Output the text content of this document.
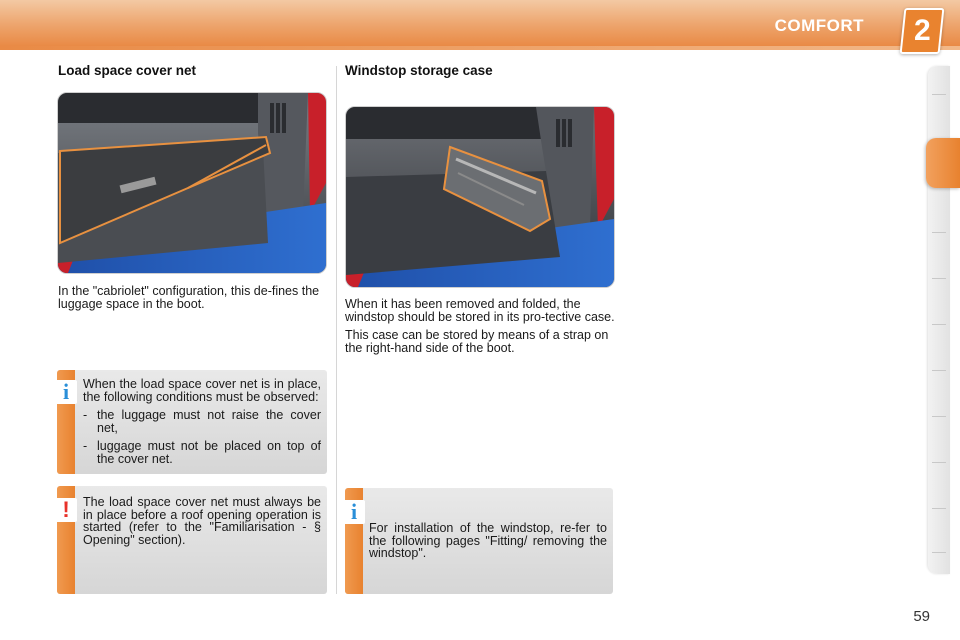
COMFORT 2
Load space cover net

In the "cabriolet" configuration, this de-fines the luggage space in the boot.

i	When the load space cover net is in place, the following conditions must be observed:

- the luggage must not raise the cover net,
- luggage must not be placed on top of the cover net.
!	The load space cover net must always be in place before a roof opening operation is started (refer to the "Familiarisation - § Opening" section).

Windstop storage case

When it has been removed and folded, the windstop should be stored in its pro-tective case.

This case can be stored by means of a strap on the right-hand side of the boot.

i

For installation of the windstop, re-fer to the following pages "Fitting/ removing the windstop".

59
